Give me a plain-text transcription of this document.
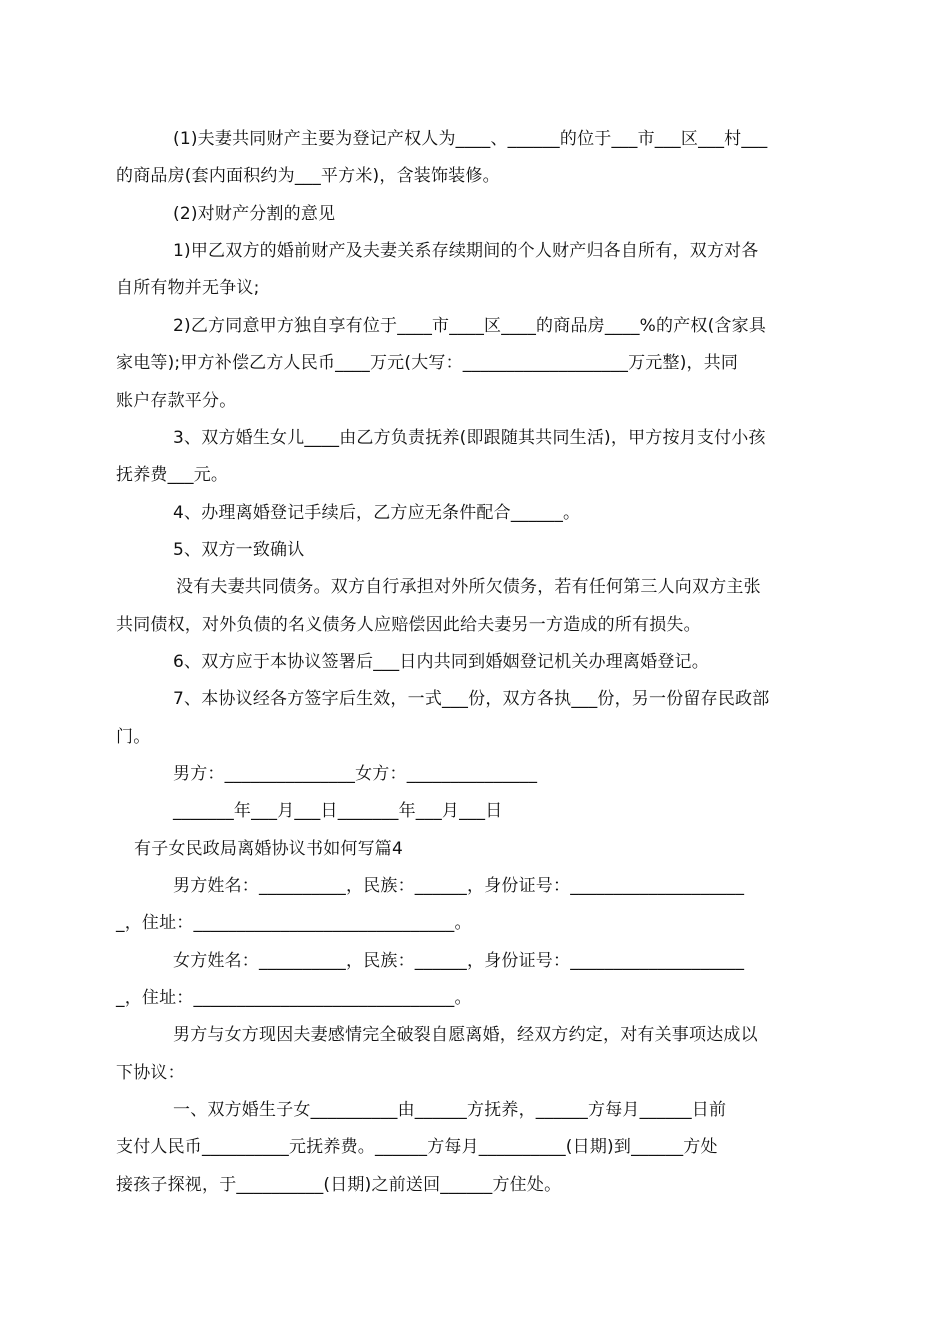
(1)夫妻共同财产主要为登记产权人为____、______的位于___市___区___村___
的商品房(套内面积约为___平方米)，含装饰装修。
(2)对财产分割的意见
1)甲乙双方的婚前财产及夫妻关系存续期间的个人财产归各自所有，双方对各
自所有物并无争议;
2)乙方同意甲方独自享有位于____市____区____的商品房____%的产权(含家具
家电等);甲方补偿乙方人民币____万元(大写：___________________万元整)，共同
账户存款平分。
3、双方婚生女儿____由乙方负责抚养(即跟随其共同生活)，甲方按月支付小孩
抚养费___元。
4、办理离婚登记手续后，乙方应无条件配合______。
5、双方一致确认
没有夫妻共同债务。双方自行承担对外所欠债务，若有任何第三人向双方主张
共同债权，对外负债的名义债务人应赔偿因此给夫妻另一方造成的所有损失。
6、双方应于本协议签署后___日内共同到婚姻登记机关办理离婚登记。
7、本协议经各方签字后生效，一式___份，双方各执___份，另一份留存民政部
门。
男方：_______________女方：_______________
_______年___月___日_______年___月___日
有子女民政局离婚协议书如何写篇4
男方姓名：__________，民族：______，身份证号：____________________
_，住址：______________________________。
女方姓名：__________，民族：______，身份证号：____________________
_，住址：______________________________。
男方与女方现因夫妻感情完全破裂自愿离婚，经双方约定，对有关事项达成以
下协议：
一、双方婚生子女__________由______方抚养，______方每月______日前
支付人民币__________元抚养费。______方每月__________(日期)到______方处
接孩子探视，于__________(日期)之前送回______方住处。
